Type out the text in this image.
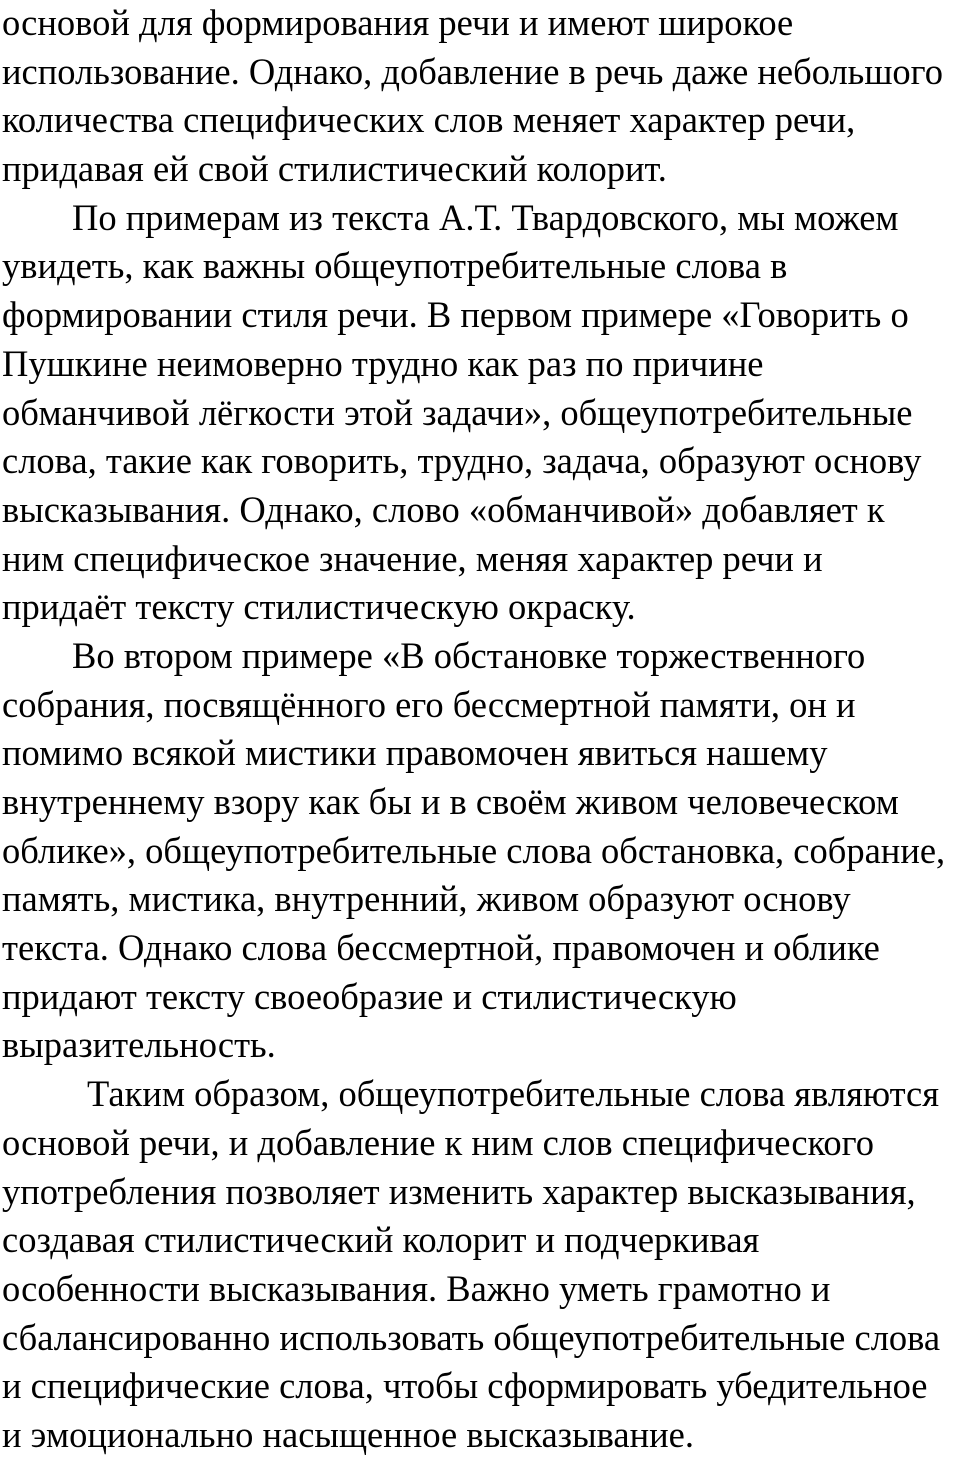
основой для формирования речи и имеют широкое
использование. Однако, добавление в речь даже небольшого
количества специфических слов меняет характер речи,
придавая ей свой стилистический колорит.
По примерам из текста А.Т. Твардовского, мы можем
увидеть, как важны общеупотребительные слова в
формировании стиля речи. В первом примере «Говорить о
Пушкине неимоверно трудно как раз по причине
обманчивой лёгкости этой задачи», общеупотребительные
слова, такие как говорить, трудно, задача, образуют основу
высказывания. Однако, слово «обманчивой» добавляет к
ним специфическое значение, меняя характер речи и
придаёт тексту стилистическую окраску.
Во втором примере «В обстановке торжественного
собрания, посвящённого его бессмертной памяти, он и
помимо всякой мистики правомочен явиться нашему
внутреннему взору как бы и в своём живом человеческом
облике», общеупотребительные слова обстановка, собрание,
память, мистика, внутренний, живом образуют основу
текста. Однако слова бессмертной, правомочен и облике
придают тексту своеобразие и стилистическую
выразительность.
Таким образом, общеупотребительные слова являются
основой речи, и добавление к ним слов специфического
употребления позволяет изменить характер высказывания,
создавая стилистический колорит и подчеркивая
особенности высказывания. Важно уметь грамотно и
сбалансированно использовать общеупотребительные слова
и специфические слова, чтобы сформировать убедительное
и эмоционально насыщенное высказывание.
